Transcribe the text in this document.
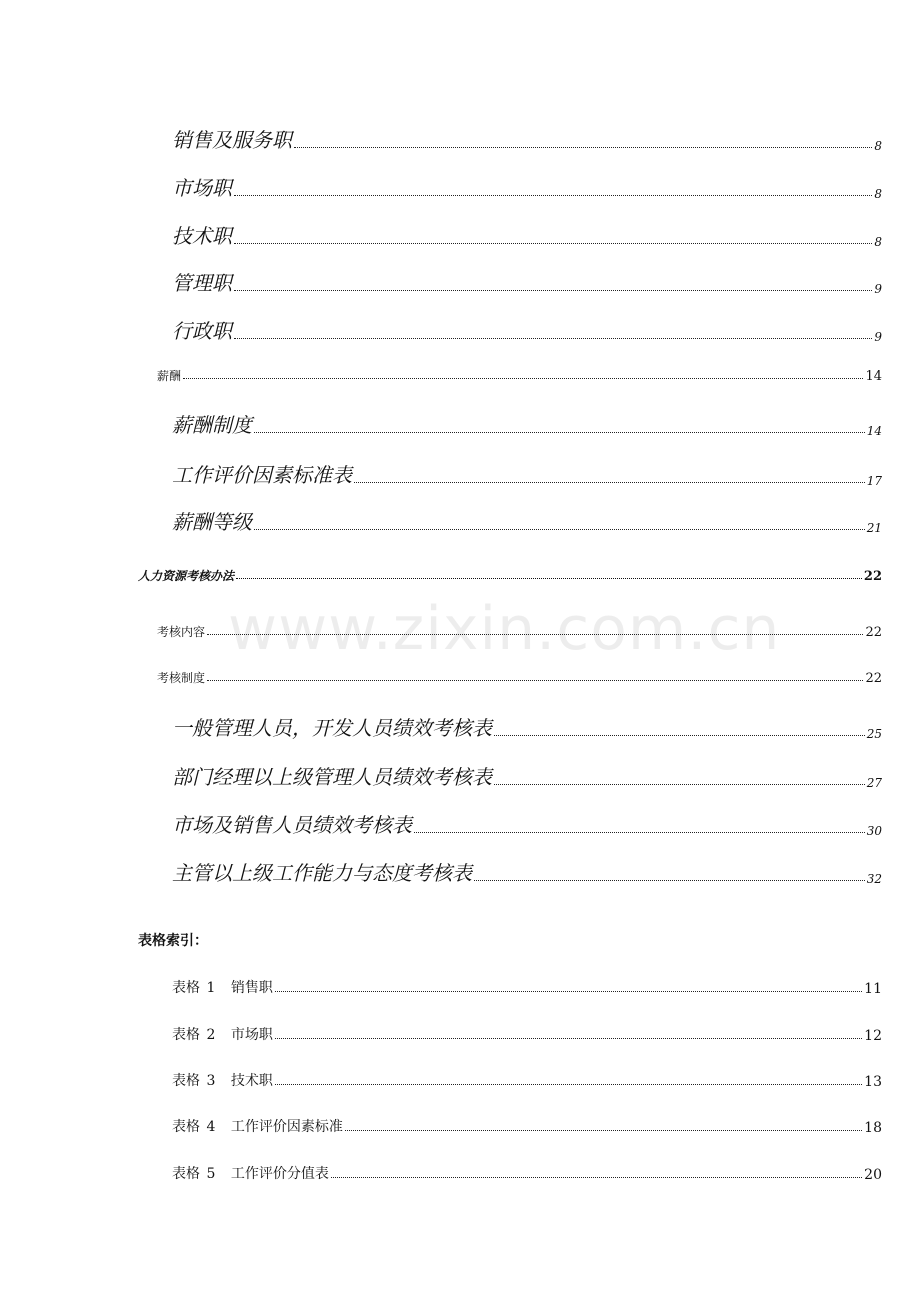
www.zixin.com.cn
销售及服务职	8
市场职	8
技术职	8
管理职	9
行政职	9
薪酬	14
薪酬制度	14
工作评价因素标准表	17
薪酬等级	21
人力资源考核办法	22
考核内容	22
考核制度	22
一般管理人员，开发人员绩效考核表	25
部门经理以上级管理人员绩效考核表	27
市场及销售人员绩效考核表	30
主管以上级工作能力与态度考核表	32
表格索引：
表格 1 销售职	11
表格 2 市场职	12
表格 3 技术职	13
表格 4 工作评价因素标准	18
表格 5 工作评价分值表	20
